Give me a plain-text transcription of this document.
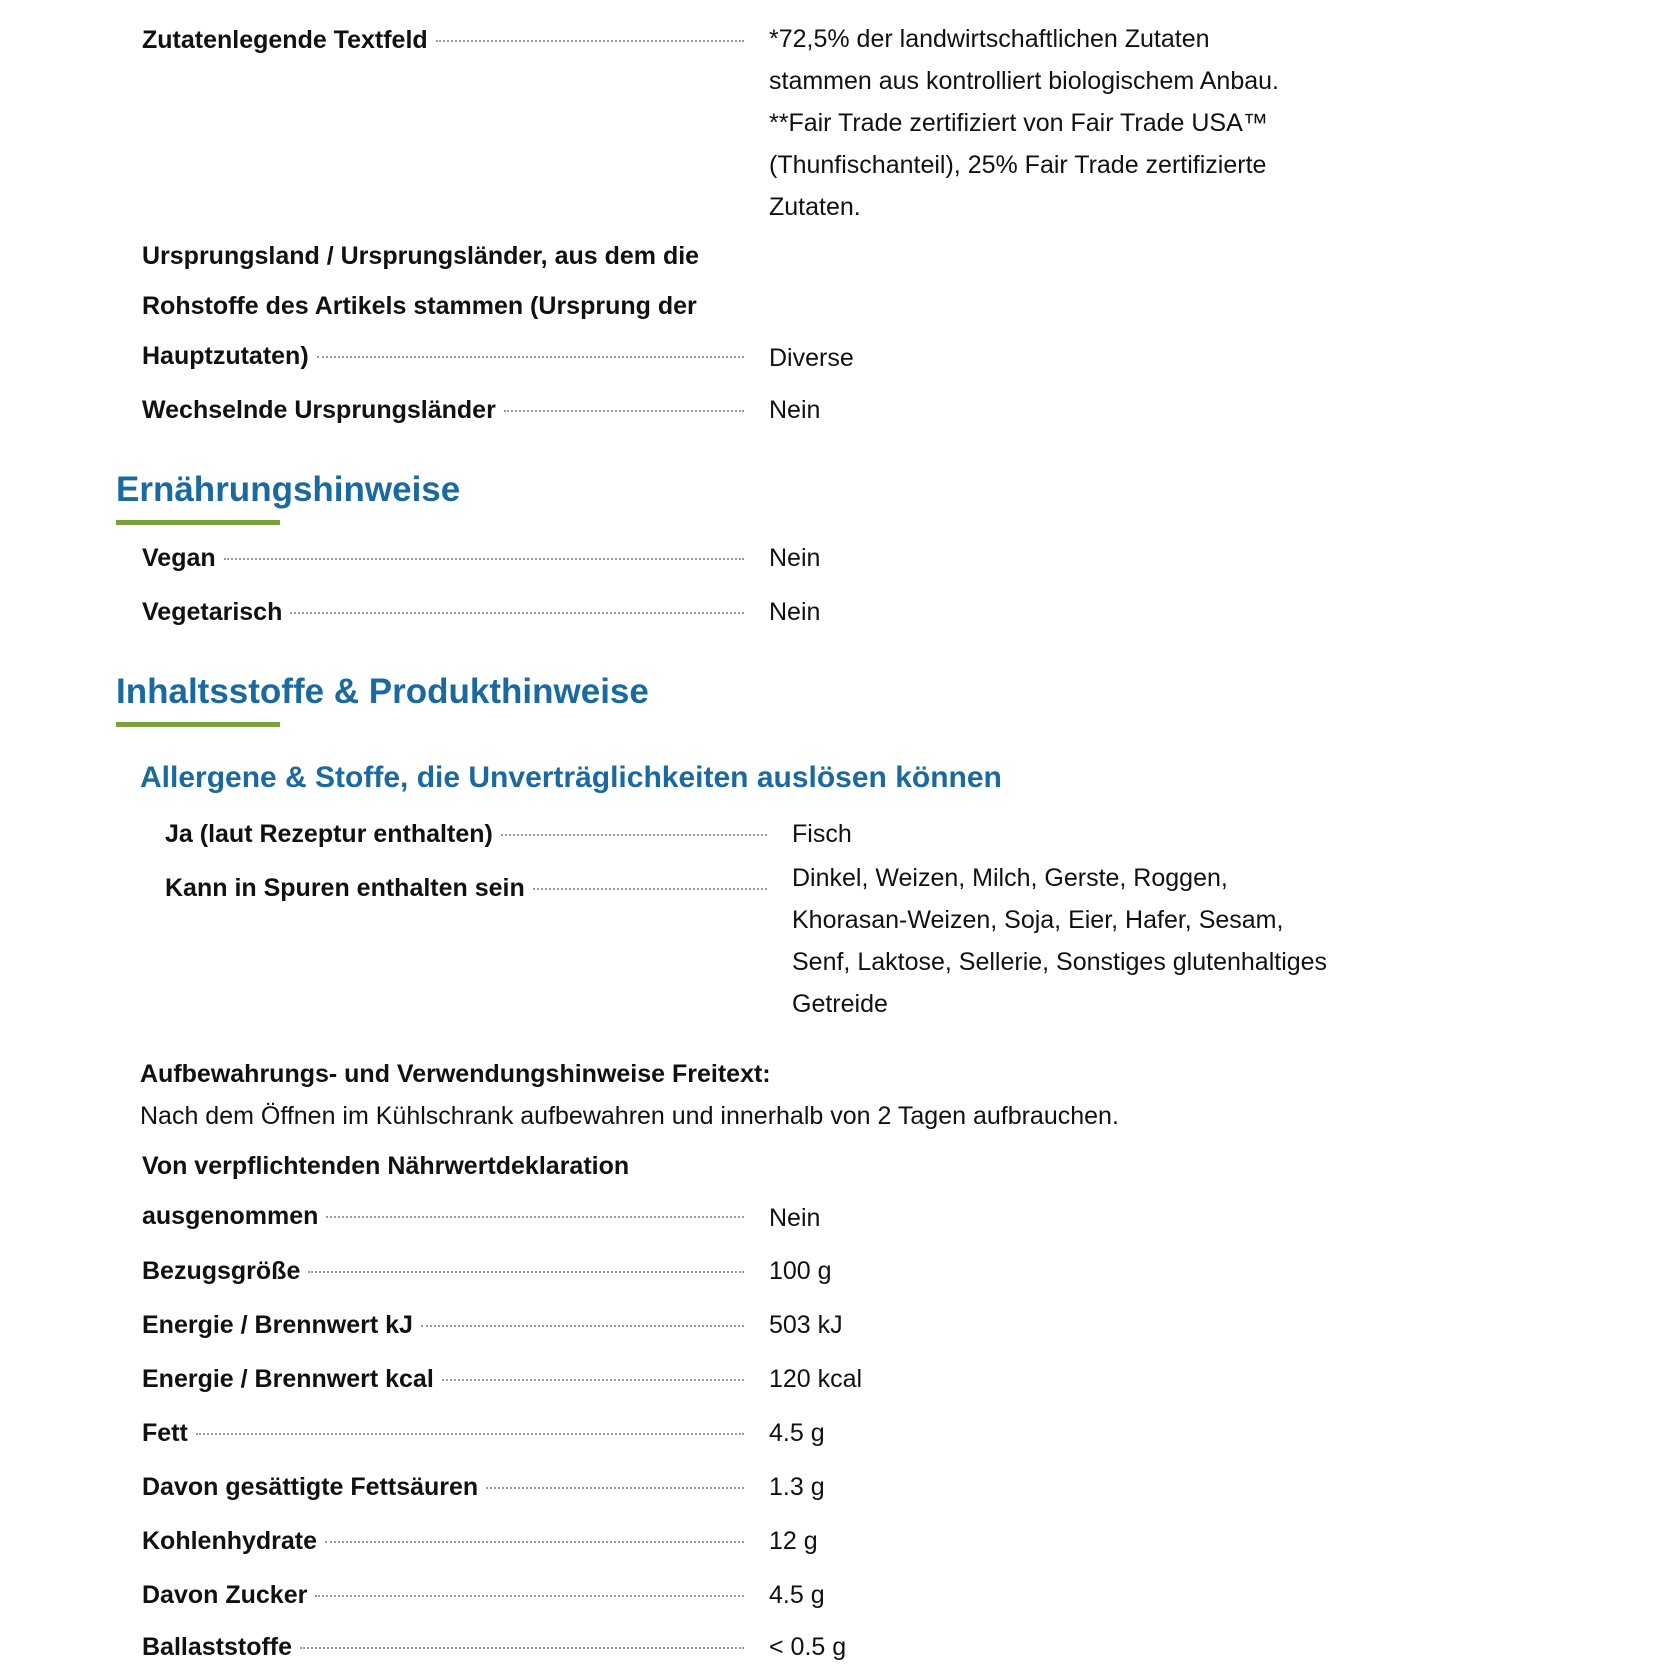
Zutatenlegende Textfeld	*72,5% der landwirtschaftlichen Zutaten
stammen aus kontrolliert biologischem Anbau.
**Fair Trade zertifiziert von Fair Trade USA™
(Thunfischanteil), 25% Fair Trade zertifizierte
Zutaten.
Ursprungsland / Ursprungsländer, aus dem die
Rohstoffe des Artikels stammen (Ursprung der
Hauptzutaten)	Diverse
Wechselnde Ursprungsländer	Nein
Ernährungshinweise
Vegan	Nein
Vegetarisch	Nein
Inhaltsstoffe & Produkthinweise
Allergene & Stoffe, die Unverträglichkeiten auslösen können
Ja (laut Rezeptur enthalten)	Fisch
Kann in Spuren enthalten sein	Dinkel, Weizen, Milch, Gerste, Roggen,
Khorasan-Weizen, Soja, Eier, Hafer, Sesam,
Senf, Laktose, Sellerie, Sonstiges glutenhaltiges
Getreide
Aufbewahrungs- und Verwendungshinweise Freitext:
Nach dem Öffnen im Kühlschrank aufbewahren und innerhalb von 2 Tagen aufbrauchen.
Von verpflichtenden Nährwertdeklaration
ausgenommen	Nein
Bezugsgröße	100 g
Energie / Brennwert kJ	503 kJ
Energie / Brennwert kcal	120 kcal
Fett	4.5 g
Davon gesättigte Fettsäuren	1.3 g
Kohlenhydrate	12 g
Davon Zucker	4.5 g
Ballaststoffe	< 0.5 g
